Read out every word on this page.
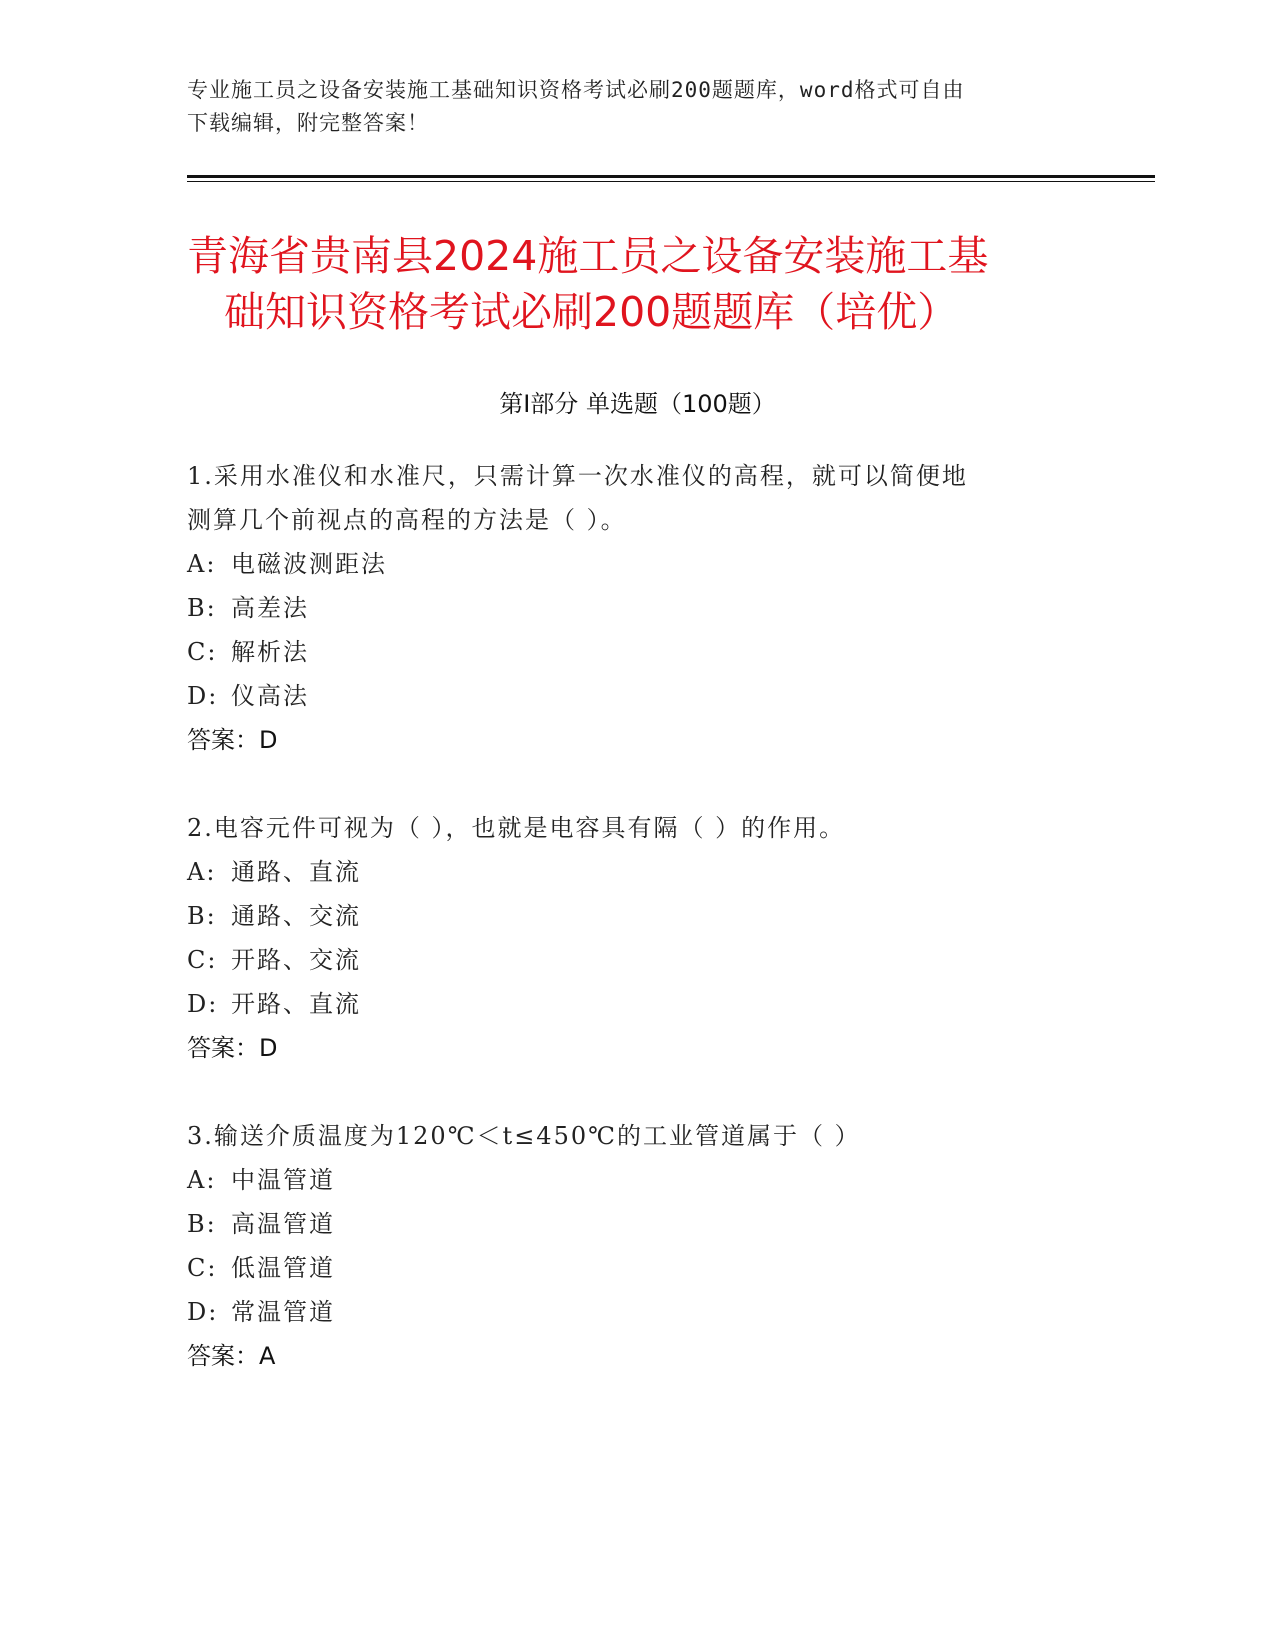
专业施工员之设备安装施工基础知识资格考试必刷200题题库，word格式可自由
下载编辑，附完整答案！
青海省贵南县2024施工员之设备安装施工基
础知识资格考试必刷200题题库（培优）
第Ⅰ部分 单选题（100题）
1.采用水准仪和水准尺，只需计算一次水准仪的高程，就可以简便地
测算几个前视点的高程的方法是（ ）。
A: 电磁波测距法
B: 高差法
C: 解析法
D: 仪高法
答案：D
2.电容元件可视为（ ），也就是电容具有隔（ ）的作用。
A: 通路、直流
B: 通路、交流
C: 开路、交流
D: 开路、直流
答案：D
3.输送介质温度为120℃＜t≤450℃的工业管道属于（ ）
A: 中温管道
B: 高温管道
C: 低温管道
D: 常温管道
答案：A
